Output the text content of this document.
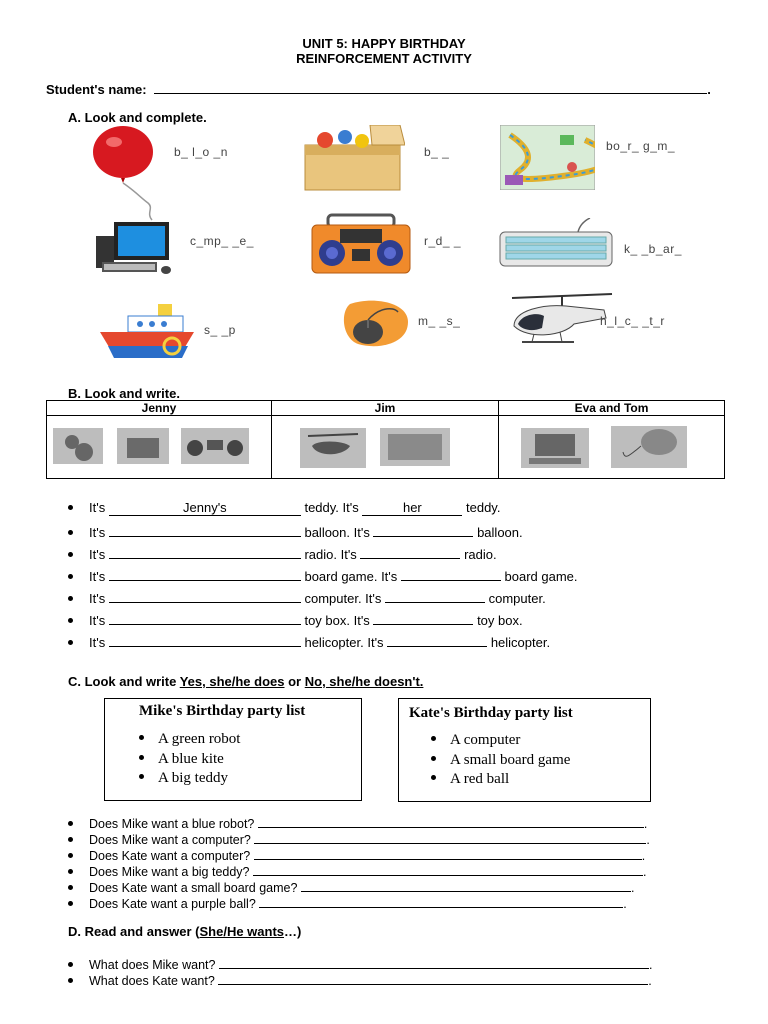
UNIT 5: HAPPY BIRTHDAY
REINFORCEMENT ACTIVITY
Student's name:	.
A. Look and complete.
b_ l_o _n	b_ _	bo_r_ g_m_
c_mp_ _e_	r_d_ _
k_ _b_ar_
s_ _p
m_ _s_	h_l_c_ _t_r
B. Look and write.
Jenny	Jim	Eva and Tom

It's	Jenny's	teddy. It's	her	teddy.
It's	balloon. It's	balloon.
It's	radio. It's	radio.
It's	board game. It's	board game.
It's	computer. It's	computer.
It's	toy box. It's	toy box.
It's	helicopter. It's	helicopter.
C. Look and write Yes, she/he does or No, she/he doesn't.
Mike's Birthday party list
A green robot
A blue kite
A big teddy
Kate's Birthday party list
A computer
A small board game
A red ball
Does Mike want a blue robot?	.
Does Mike want a computer?	.
Does Kate want a computer?	.
Does Mike want a big teddy?	.
Does Kate want a small board game?	.
Does Kate want a purple ball?	.
D. Read and answer (She/He wants…)
What does Mike want?	.
What does Kate want?	.
